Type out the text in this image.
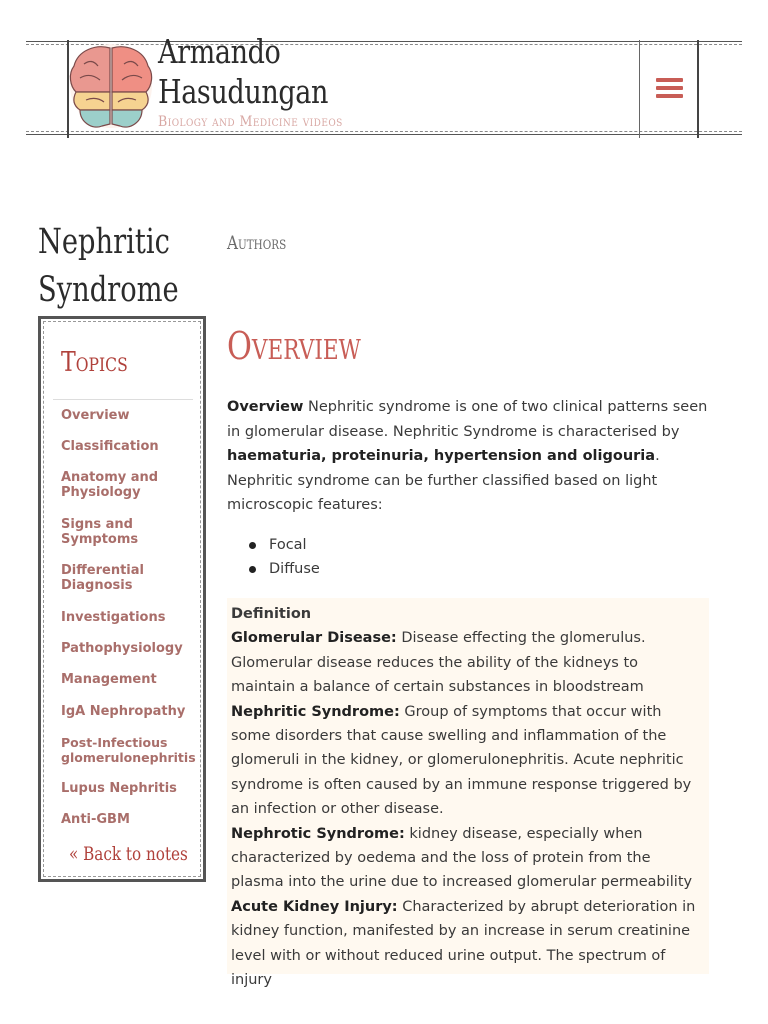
Armando
Hasudungan
Biology and Medicine videos
Nephritic Syndrome
Topics
Overview
Classification
Anatomy and Physiology
Signs and Symptoms
Differential Diagnosis
Investigations
Pathophysiology
Management
IgA Nephropathy
Post-Infectious glomerulonephritis
Lupus Nephritis
Anti-GBM
« Back to notes
Authors
Overview

Overview Nephritic syndrome is one of two clinical patterns seen in glomerular disease. Nephritic Syndrome is characterised by haematuria, proteinuria, hypertension and oligouria. Nephritic syndrome can be further classified based on light microscopic features:

Focal
Diffuse

Definition

Glomerular Disease: Disease effecting the glomerulus. Glomerular disease reduces the ability of the kidneys to maintain a balance of certain substances in bloodstream

Nephritic Syndrome: Group of symptoms that occur with some disorders that cause swelling and inflammation of the glomeruli in the kidney, or glomerulonephritis. Acute nephritic syndrome is often caused by an immune response triggered by an infection or other disease.

Nephrotic Syndrome: kidney disease, especially when characterized by oedema and the loss of protein from the plasma into the urine due to increased glomerular permeability

Acute Kidney Injury: Characterized by abrupt deterioration in kidney function, manifested by an increase in serum creatinine level with or without reduced urine output. The spectrum of injury
